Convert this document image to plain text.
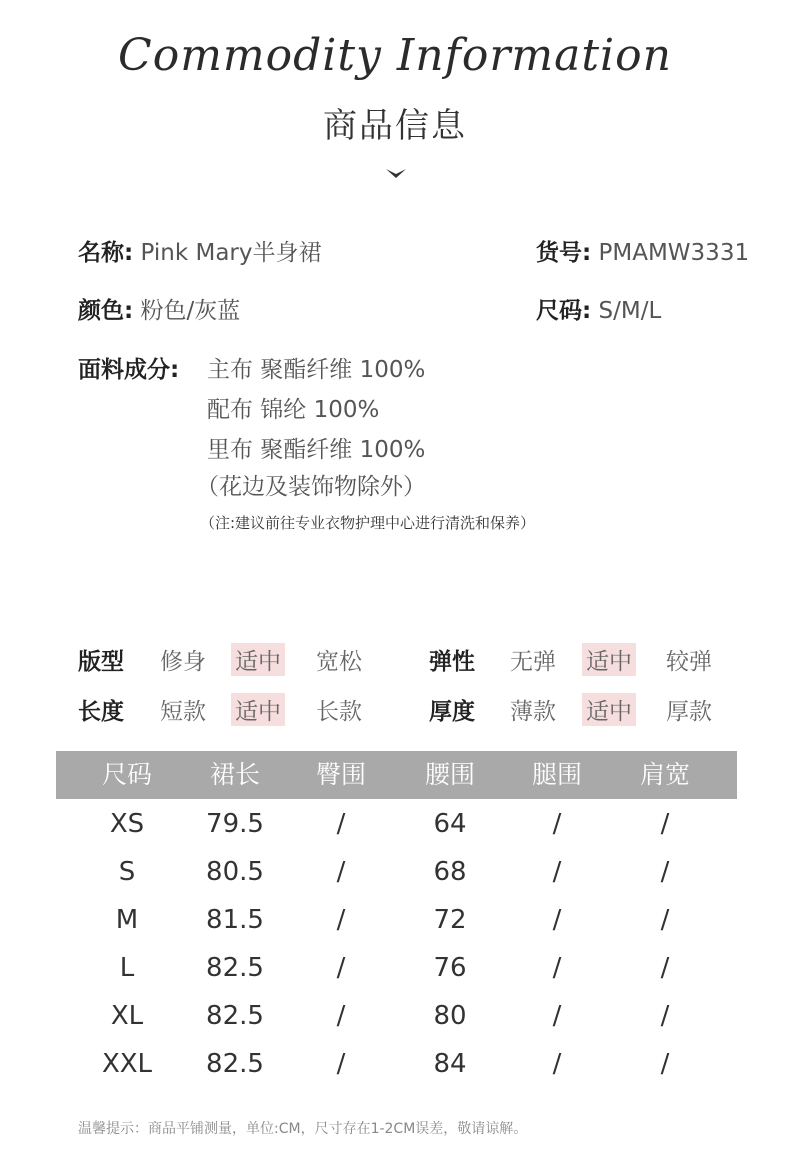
Commodity Information
商品信息
名称: Pink Mary半身裙	货号: PMAMW3331
颜色: 粉色/灰蓝	尺码: S/M/L
面料成分: 主布 聚酯纤维 100%
配布 锦纶 100%
里布 聚酯纤维 100%
（花边及装饰物除外）
（注:建议前往专业衣物护理中心进行清洗和保养）
版型 修身 适中 宽松	弹性 无弹 适中 较弹
长度 短款 适中 长款	厚度 薄款 适中 厚款
尺码	裙长	臀围	腰围	腿围	肩宽
XS	79.5	/	64	/	/
S	80.5	/	68	/	/
M	81.5	/	72	/	/
L	82.5	/	76	/	/
XL	82.5	/	80	/	/
XXL	82.5	/	84	/	/
温馨提示：商品平铺测量，单位:CM，尺寸存在1-2CM误差，敬请谅解。
